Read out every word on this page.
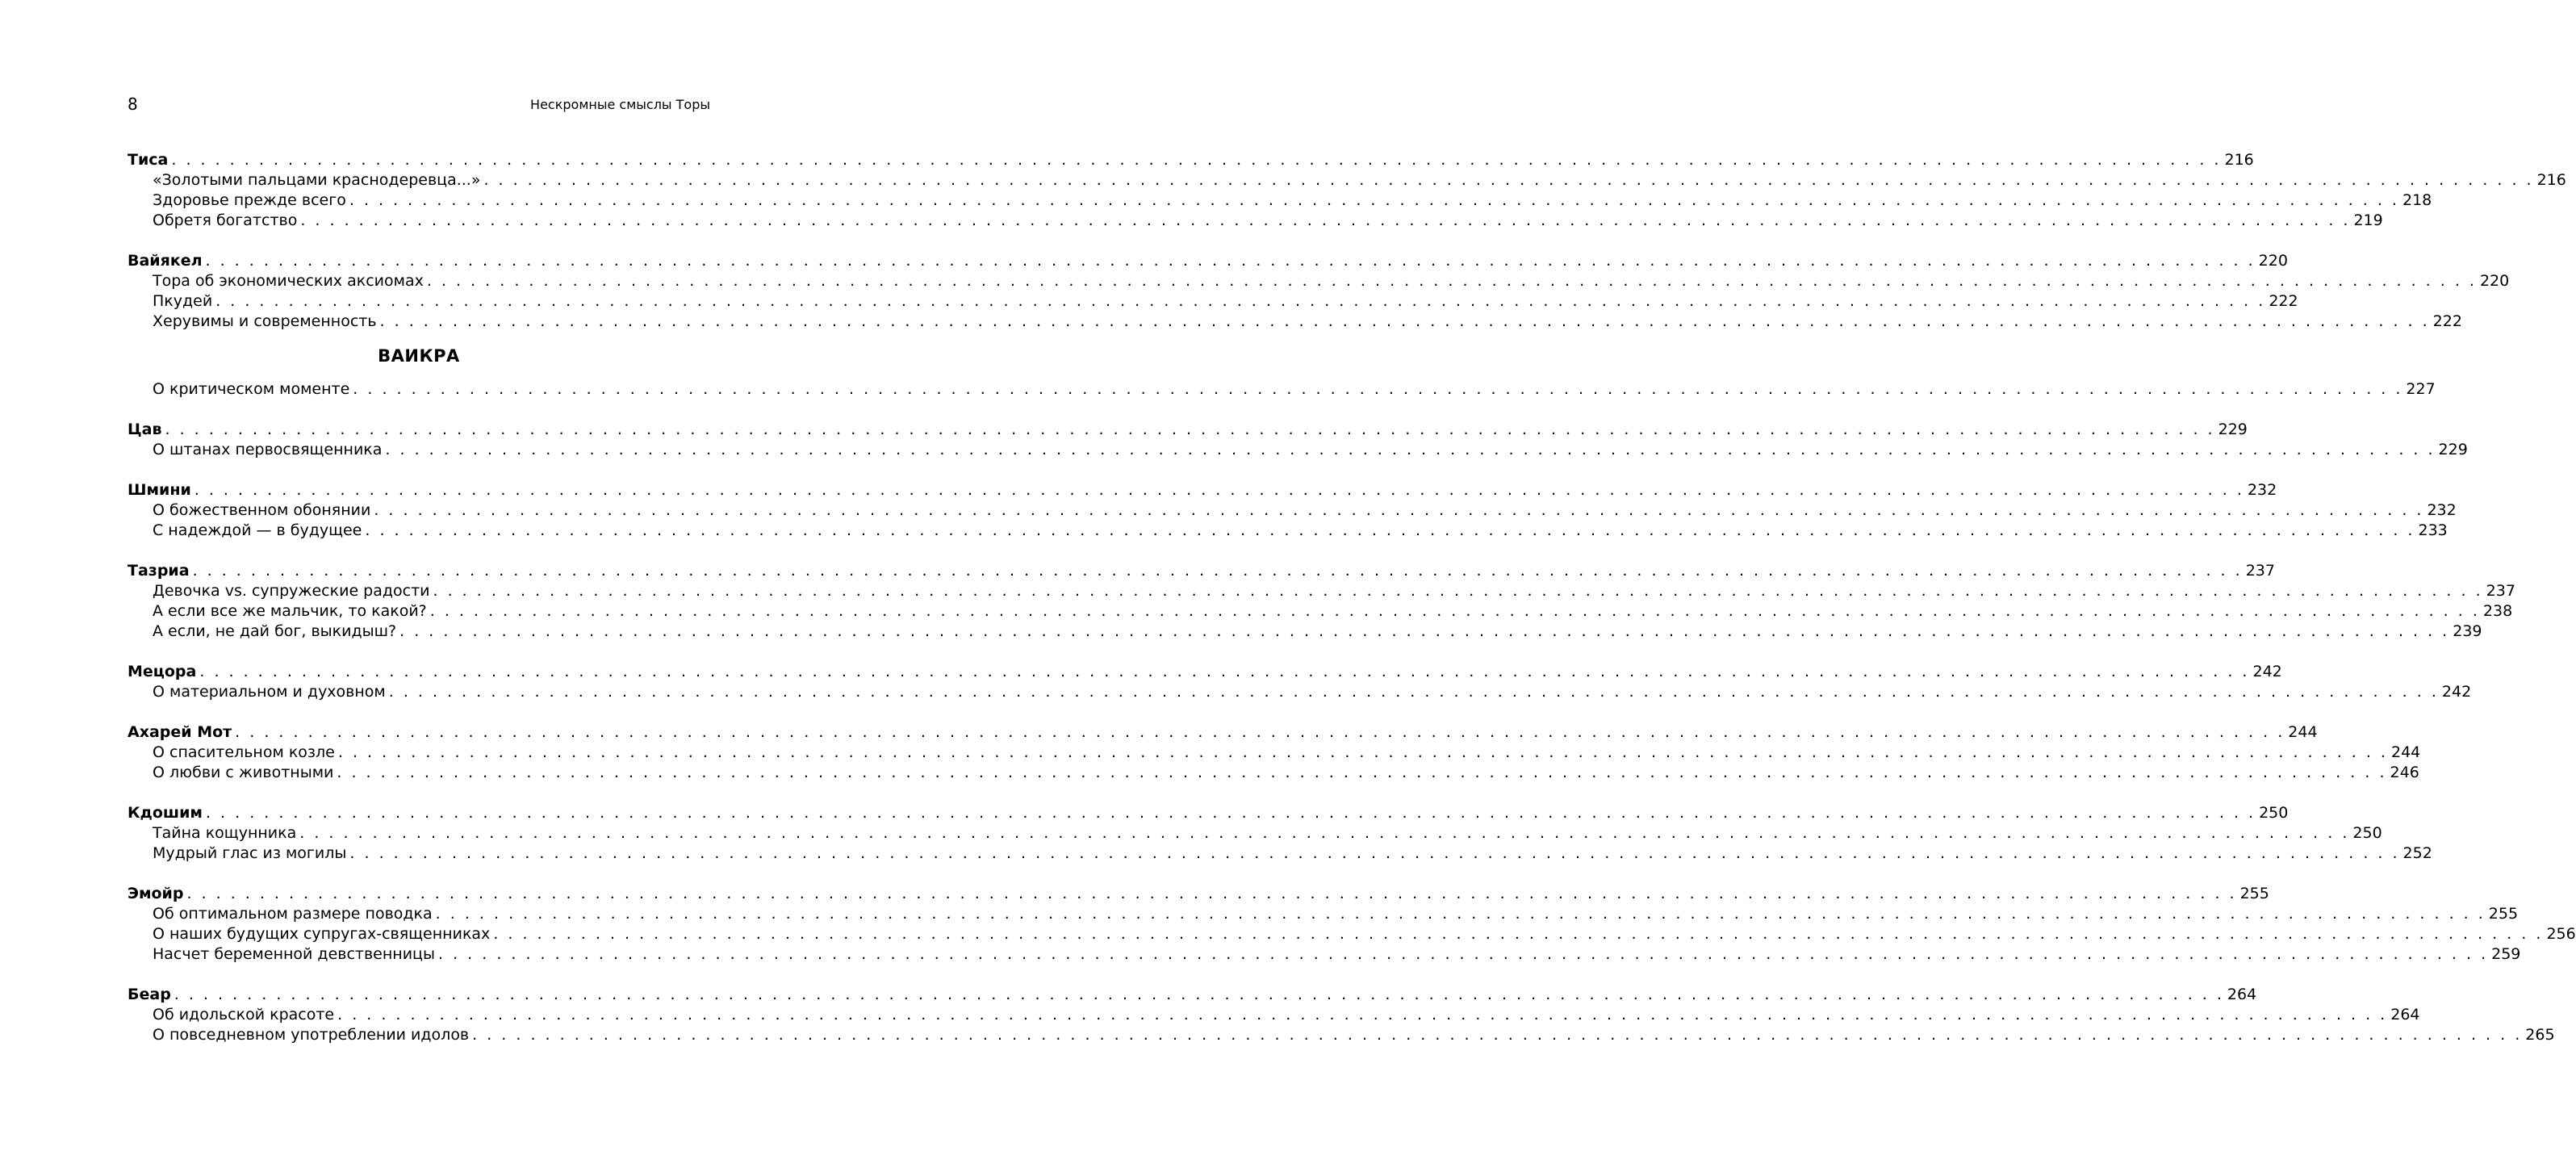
8	Нескромные смыслы Торы
Тиса . . .	216
«Золотыми пальцами краснодеревца...» . . .	216
Здоровье прежде всего . . .	218
Обретя богатство . . .	219
Вайякел . . .	220
Тора об экономических аксиомах . . .	220
Пкудей . . .	222
Херувимы и современность . . .	222
ВАИКРА
О критическом моменте . . .	227
Цав . . .	229
О штанах первосвященника . . .	229
Шмини . . .	232
О божественном обонянии . . .	232
С надеждой — в будущее . . .	233
Тазриа . . .	237
Девочка vs. супружеские радости . . .	237
А если все же мальчик, то какой? . . .	238
А если, не дай бог, выкидыш? . . .	239
Мецора . . .	242
О материальном и духовном . . .	242
Ахарей Мот . . .	244
О спасительном козле . . .	244
О любви с животными . . .	246
Кдошим . . .	250
Тайна кощунника . . .	250
Мудрый глас из могилы . . .	252
Эмойр . . .	255
Об оптимальном размере поводка . . .	255
О наших будущих супругах-священниках . . .	256
Насчет беременной девственницы . . .	259
Беар . . .	264
Об идольской красоте . . .	264
О повседневном употреблении идолов . . .	265
